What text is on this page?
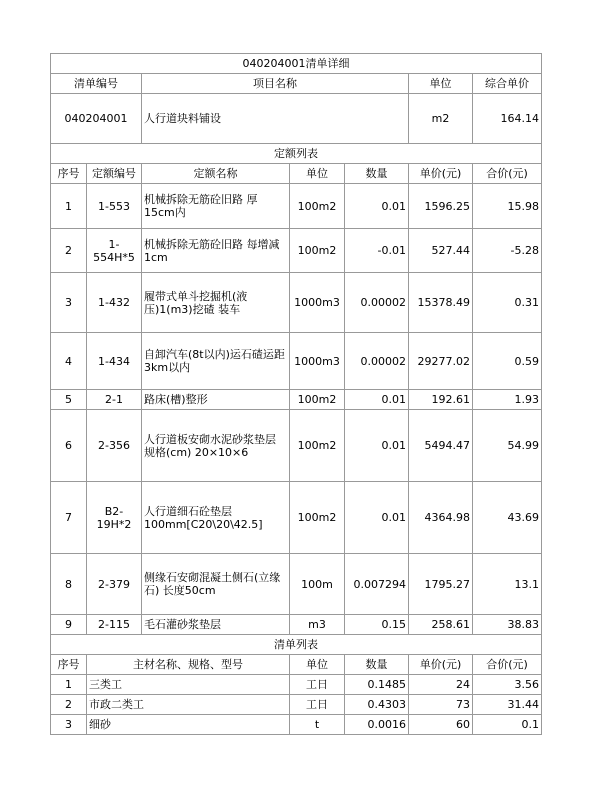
040204001清单详细						
清单编号		项目名称			单位	综合单价
040204001		人行道块料铺设			m2	164.14
定额列表						
序号	定额编号	定额名称	单位	数量	单价(元)	合价(元)
1	1-553	机械拆除无筋砼旧路 厚15cm内	100m2	0.01	1596.25	15.98
2	1-554H*5	机械拆除无筋砼旧路 每增减1cm	100m2	-0.01	527.44	-5.28
3	1-432	履带式单斗挖掘机(液压)1(m3)挖碴 装车	1000m3	0.00002	15378.49	0.31
4	1-434	自卸汽车(8t以内)运石碴运距3km以内	1000m3	0.00002	29277.02	0.59
5	2-1	路床(槽)整形	100m2	0.01	192.61	1.93
6	2-356	人行道板安砌水泥砂浆垫层 规格(cm) 20×10×6	100m2	0.01	5494.47	54.99
7	B2-19H*2	人行道细石砼垫层100mm[C20\20\42.5]	100m2	0.01	4364.98	43.69
8	2-379	侧缘石安砌混凝土侧石(立缘石) 长度50cm	100m	0.007294	1795.27	13.1
9	2-115	毛石灌砂浆垫层	m3	0.15	258.61	38.83
清单列表						
序号	主材名称、规格、型号		单位	数量	单价(元)	合价(元)
1	三类工		工日	0.1485	24	3.56
2	市政二类工		工日	0.4303	73	31.44
3	细砂		t	0.0016	60	0.1
